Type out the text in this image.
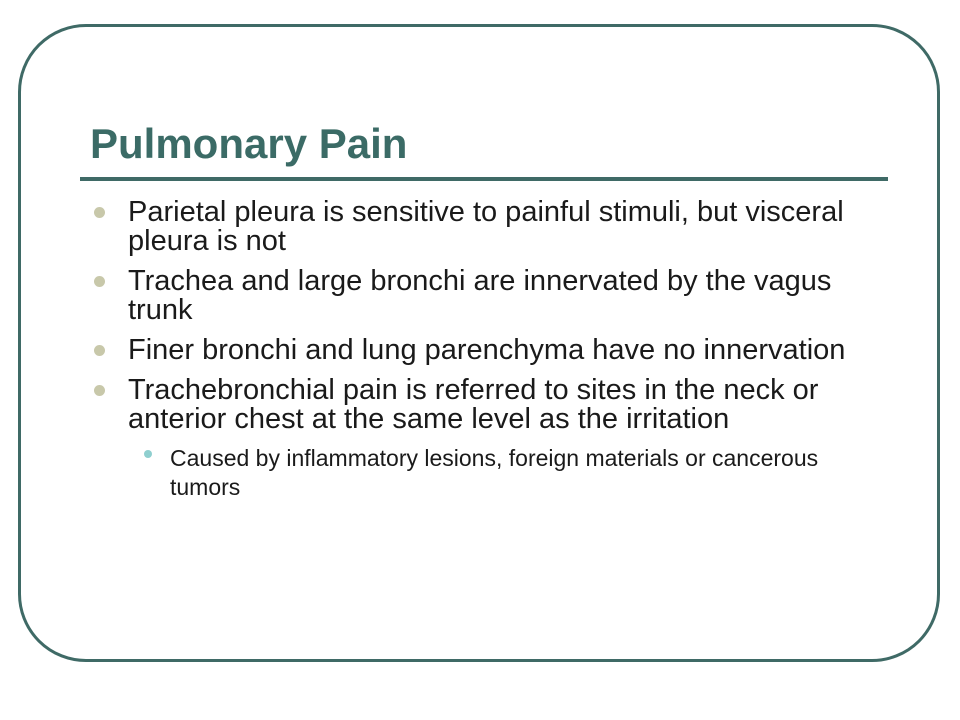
Pulmonary Pain
Parietal pleura is sensitive to painful stimuli, but visceral pleura is not
Trachea and large bronchi are innervated by the vagus trunk
Finer bronchi and lung parenchyma have no innervation
Trachebronchial pain is referred to sites in the neck or anterior chest at the same level as the irritation
Caused by inflammatory lesions, foreign materials or cancerous tumors
